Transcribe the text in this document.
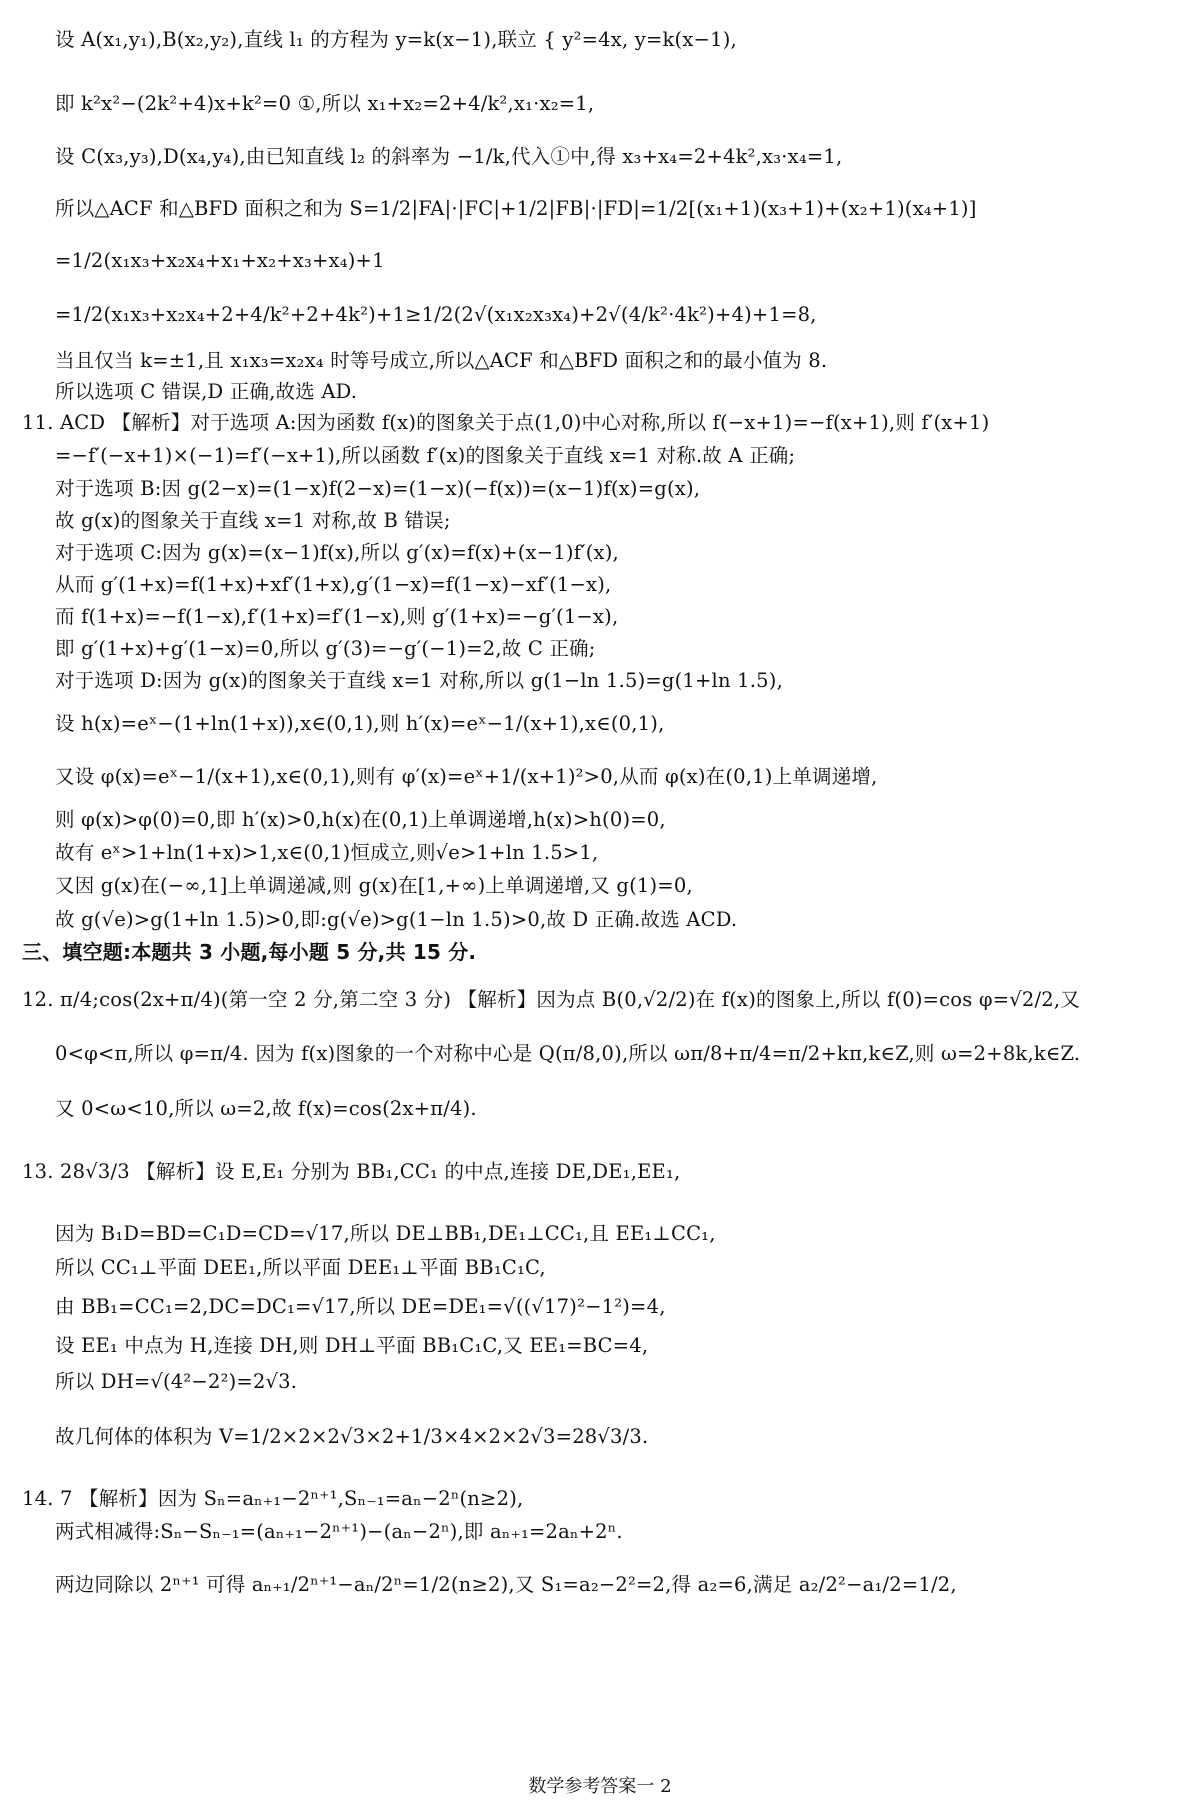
设 A(x₁,y₁),B(x₂,y₂),直线 l₁ 的方程为 y=k(x−1),联立 { y²=4x, y=k(x−1),
即 k²x²−(2k²+4)x+k²=0 ①,所以 x₁+x₂=2+4/k²,x₁·x₂=1,
设 C(x₃,y₃),D(x₄,y₄),由已知直线 l₂ 的斜率为 −1/k,代入①中,得 x₃+x₄=2+4k²,x₃·x₄=1,
所以△ACF 和△BFD 面积之和为 S=1/2|FA|·|FC|+1/2|FB|·|FD|=1/2[(x₁+1)(x₃+1)+(x₂+1)(x₄+1)]
=1/2(x₁x₃+x₂x₄+x₁+x₂+x₃+x₄)+1
=1/2(x₁x₃+x₂x₄+2+4/k²+2+4k²)+1≥1/2(2√(x₁x₂x₃x₄)+2√(4/k²·4k²)+4)+1=8,
当且仅当 k=±1,且 x₁x₃=x₂x₄ 时等号成立,所以△ACF 和△BFD 面积之和的最小值为 8.
所以选项 C 错误,D 正确,故选 AD.
11. ACD 【解析】对于选项 A:因为函数 f(x)的图象关于点(1,0)中心对称,所以 f(−x+1)=−f(x+1),则 f′(x+1)
=−f′(−x+1)×(−1)=f′(−x+1),所以函数 f′(x)的图象关于直线 x=1 对称.故 A 正确;
对于选项 B:因 g(2−x)=(1−x)f(2−x)=(1−x)(−f(x))=(x−1)f(x)=g(x),
故 g(x)的图象关于直线 x=1 对称,故 B 错误;
对于选项 C:因为 g(x)=(x−1)f(x),所以 g′(x)=f(x)+(x−1)f′(x),
从而 g′(1+x)=f(1+x)+xf′(1+x),g′(1−x)=f(1−x)−xf′(1−x),
而 f(1+x)=−f(1−x),f′(1+x)=f′(1−x),则 g′(1+x)=−g′(1−x),
即 g′(1+x)+g′(1−x)=0,所以 g′(3)=−g′(−1)=2,故 C 正确;
对于选项 D:因为 g(x)的图象关于直线 x=1 对称,所以 g(1−ln 1.5)=g(1+ln 1.5),
设 h(x)=eˣ−(1+ln(1+x)),x∈(0,1),则 h′(x)=eˣ−1/(x+1),x∈(0,1),
又设 φ(x)=eˣ−1/(x+1),x∈(0,1),则有 φ′(x)=eˣ+1/(x+1)²>0,从而 φ(x)在(0,1)上单调递增,
则 φ(x)>φ(0)=0,即 h′(x)>0,h(x)在(0,1)上单调递增,h(x)>h(0)=0,
故有 eˣ>1+ln(1+x)>1,x∈(0,1)恒成立,则√e>1+ln 1.5>1,
又因 g(x)在(−∞,1]上单调递减,则 g(x)在[1,+∞)上单调递增,又 g(1)=0,
故 g(√e)>g(1+ln 1.5)>0,即:g(√e)>g(1−ln 1.5)>0,故 D 正确.故选 ACD.
三、填空题:本题共 3 小题,每小题 5 分,共 15 分.
12. π/4;cos(2x+π/4)(第一空 2 分,第二空 3 分) 【解析】因为点 B(0,√2/2)在 f(x)的图象上,所以 f(0)=cos φ=√2/2,又
0<φ<π,所以 φ=π/4. 因为 f(x)图象的一个对称中心是 Q(π/8,0),所以 ωπ/8+π/4=π/2+kπ,k∈Z,则 ω=2+8k,k∈Z.
又 0<ω<10,所以 ω=2,故 f(x)=cos(2x+π/4).
13. 28√3/3 【解析】设 E,E₁ 分别为 BB₁,CC₁ 的中点,连接 DE,DE₁,EE₁,
因为 B₁D=BD=C₁D=CD=√17,所以 DE⊥BB₁,DE₁⊥CC₁,且 EE₁⊥CC₁,
所以 CC₁⊥平面 DEE₁,所以平面 DEE₁⊥平面 BB₁C₁C,
由 BB₁=CC₁=2,DC=DC₁=√17,所以 DE=DE₁=√((√17)²−1²)=4,
设 EE₁ 中点为 H,连接 DH,则 DH⊥平面 BB₁C₁C,又 EE₁=BC=4,
所以 DH=√(4²−2²)=2√3.
故几何体的体积为 V=1/2×2×2√3×2+1/3×4×2×2√3=28√3/3.
14. 7 【解析】因为 Sₙ=aₙ₊₁−2ⁿ⁺¹,Sₙ₋₁=aₙ−2ⁿ(n≥2),
两式相减得:Sₙ−Sₙ₋₁=(aₙ₊₁−2ⁿ⁺¹)−(aₙ−2ⁿ),即 aₙ₊₁=2aₙ+2ⁿ.
两边同除以 2ⁿ⁺¹ 可得 aₙ₊₁/2ⁿ⁺¹−aₙ/2ⁿ=1/2(n≥2),又 S₁=a₂−2²=2,得 a₂=6,满足 a₂/2²−a₁/2=1/2,
数学参考答案一 2
